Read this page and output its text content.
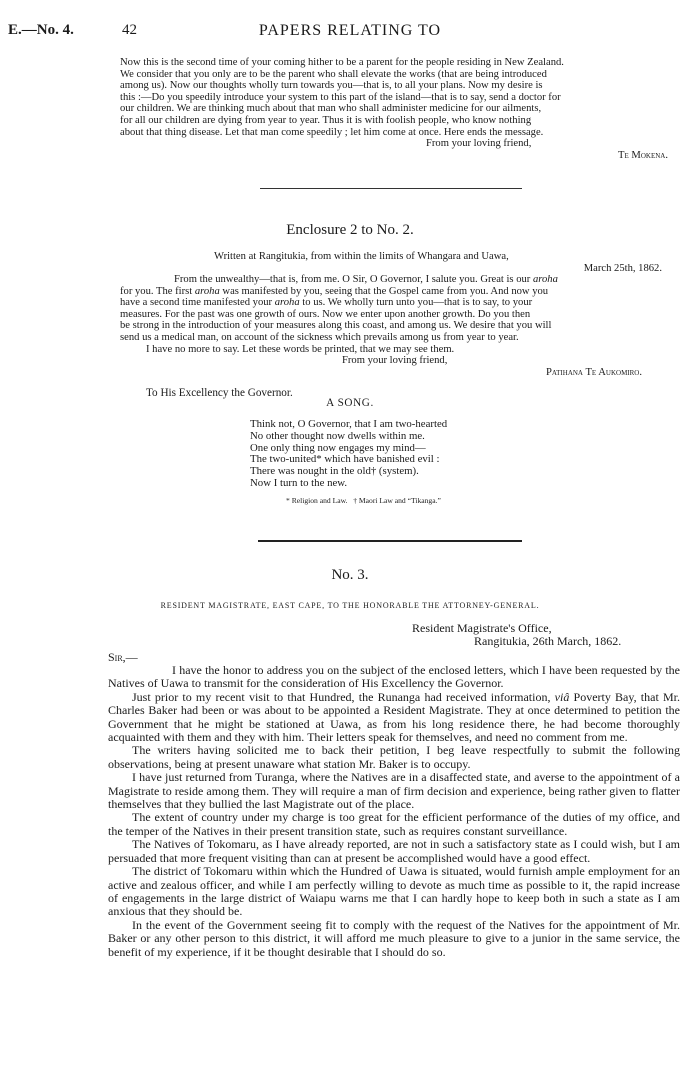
PAPERS RELATING TO
E.—No. 4.	42
Now this is the second time of your coming hither to be a parent for the people residing in New Zealand.
We consider that you only are to be the parent who shall elevate the works (that are being introduced
among us). Now our thoughts wholly turn towards you—that is, to all your plans. Now my desire is
this :—Do you speedily introduce your system to this part of the island—that is to say, send a doctor for
our children. We are thinking much about that man who shall administer medicine for our ailments,
for all our children are dying from year to year. Thus it is with foolish people, who know nothing
about that thing disease. Let that man come speedily ; let him come at once. Here ends the message.
From your loving friend,
Te Mokena.
Enclosure 2 to No. 2.
Written at Rangitukia, from within the limits of Whangara and Uawa,
March 25th, 1862.
From the unwealthy—that is, from me. O Sir, O Governor, I salute you. Great is our aroha
for you. The first aroha was manifested by you, seeing that the Gospel came from you. And now you
have a second time manifested your aroha to us. We wholly turn unto you—that is to say, to your
measures. For the past was one growth of ours. Now we enter upon another growth. Do you then
be strong in the introduction of your measures along this coast, and among us. We desire that you will
send us a medical man, on account of the sickness which prevails among us from year to year.
I have no more to say. Let these words be printed, that we may see them.
From your loving friend,
Patihana Te Aukomiro.
To His Excellency the Governor.
A SONG.
Think not, O Governor, that I am two-hearted
No other thought now dwells within me.
One only thing now engages my mind—
The two-united* which have banished evil :
There was nought in the old† (system).
Now I turn to the new.
* Religion and Law.   † Maori Law and “Tikanga.”
No. 3.
RESIDENT MAGISTRATE, EAST CAPE, TO THE HONORABLE THE ATTORNEY-GENERAL.
Resident Magistrate's Office,
Rangitukia, 26th March, 1862.
Sir,—
I have the honor to address you on the subject of the enclosed letters, which I have been requested by the Natives of Uawa to transmit for the consideration of His Excellency the Governor.
Just prior to my recent visit to that Hundred, the Runanga had received information, viâ Poverty Bay, that Mr. Charles Baker had been or was about to be appointed a Resident Magistrate. They at once determined to petition the Government that he might be stationed at Uawa, as from his long residence there, he had become thoroughly acquainted with them and they with him. Their letters speak for themselves, and need no comment from me.
The writers having solicited me to back their petition, I beg leave respectfully to submit the following observations, being at present unaware what station Mr. Baker is to occupy.
I have just returned from Turanga, where the Natives are in a disaffected state, and averse to the appointment of a Magistrate to reside among them. They will require a man of firm decision and experience, being rather given to flatter themselves that they bullied the last Magistrate out of the place.
The extent of country under my charge is too great for the efficient performance of the duties of my office, and the temper of the Natives in their present transition state, such as requires constant surveillance.
The Natives of Tokomaru, as I have already reported, are not in such a satisfactory state as I could wish, but I am persuaded that more frequent visiting than can at present be accomplished would have a good effect.
The district of Tokomaru within which the Hundred of Uawa is situated, would furnish ample employment for an active and zealous officer, and while I am perfectly willing to devote as much time as possible to it, the rapid increase of engagements in the large district of Waiapu warns me that I can hardly hope to keep both in such a state as I am anxious that they should be.
In the event of the Government seeing fit to comply with the request of the Natives for the appointment of Mr. Baker or any other person to this district, it will afford me much pleasure to give to a junior in the same service, the benefit of my experience, if it be thought desirable that I should do so.
